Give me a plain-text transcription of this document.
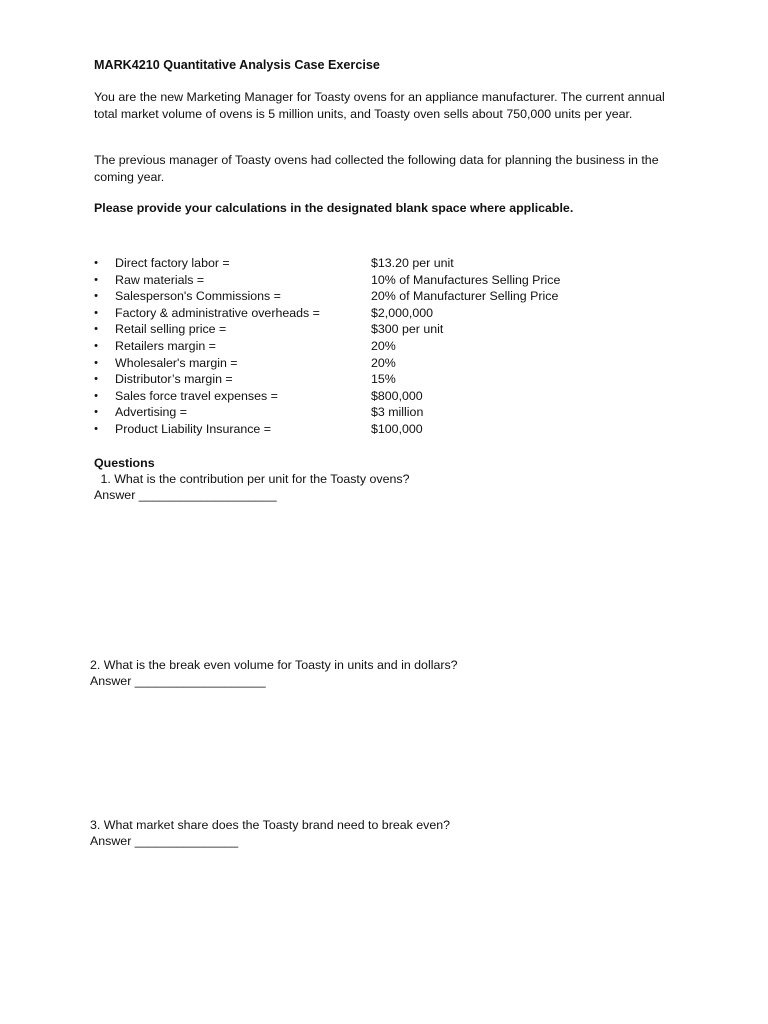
MARK4210 Quantitative Analysis Case Exercise
You are the new Marketing Manager for Toasty ovens for an appliance manufacturer. The current annual total market volume of ovens is 5 million units, and Toasty oven sells about 750,000 units per year.
The previous manager of Toasty ovens had collected the following data for planning the business in the coming year.
Please provide your calculations in the designated blank space where applicable.
• Direct factory labor =	$13.20 per unit
• Raw materials =	10% of Manufactures Selling Price
• Salesperson's Commissions =	20% of Manufacturer Selling Price
• Factory & administrative overheads =	$2,000,000
• Retail selling price =	$300 per unit
• Retailers margin =	20%
• Wholesaler's margin =	20%
• Distributor’s margin =	15%
• Sales force travel expenses =	$800,000
• Advertising =	$3 million
• Product Liability Insurance =	$100,000
Questions
1. What is the contribution per unit for the Toasty ovens?
Answer ____________________
2. What is the break even volume for Toasty in units and in dollars?
Answer ___________________
3. What market share does the Toasty brand need to break even?
Answer _______________
